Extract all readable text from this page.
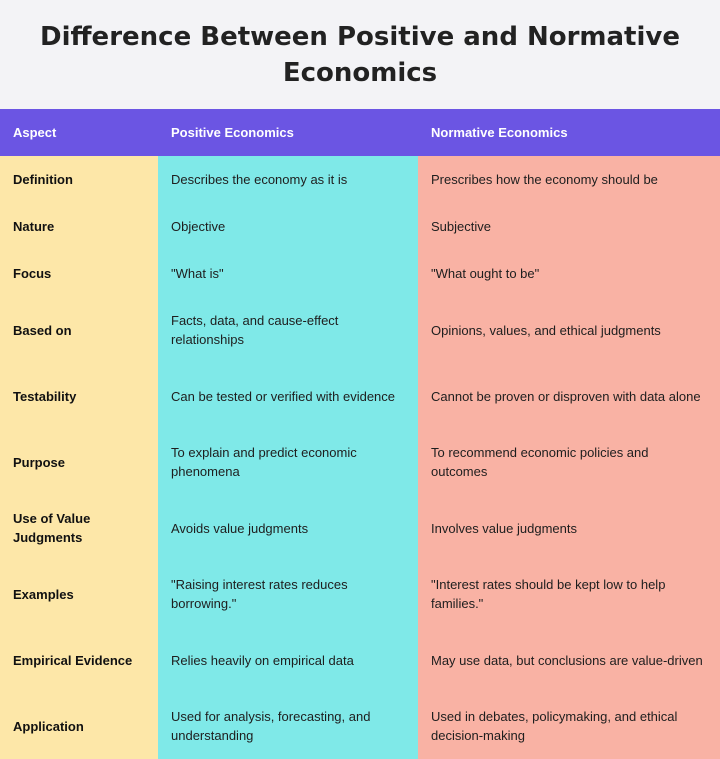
Difference Between Positive and Normative Economics
Aspect	Positive Economics	Normative Economics
Definition	Describes the economy as it is	Prescribes how the economy should be
Nature	Objective	Subjective
Focus	"What is"	"What ought to be"
Based on	Facts, data, and cause-effect relationships	Opinions, values, and ethical judgments
Testability	Can be tested or verified with evidence	Cannot be proven or disproven with data alone
Purpose	To explain and predict economic phenomena	To recommend economic policies and outcomes
Use of Value Judgments	Avoids value judgments	Involves value judgments
Examples	"Raising interest rates reduces borrowing."	"Interest rates should be kept low to help families."
Empirical Evidence	Relies heavily on empirical data	May use data, but conclusions are value-driven
Application	Used for analysis, forecasting, and understanding	Used in debates, policymaking, and ethical decision-making
